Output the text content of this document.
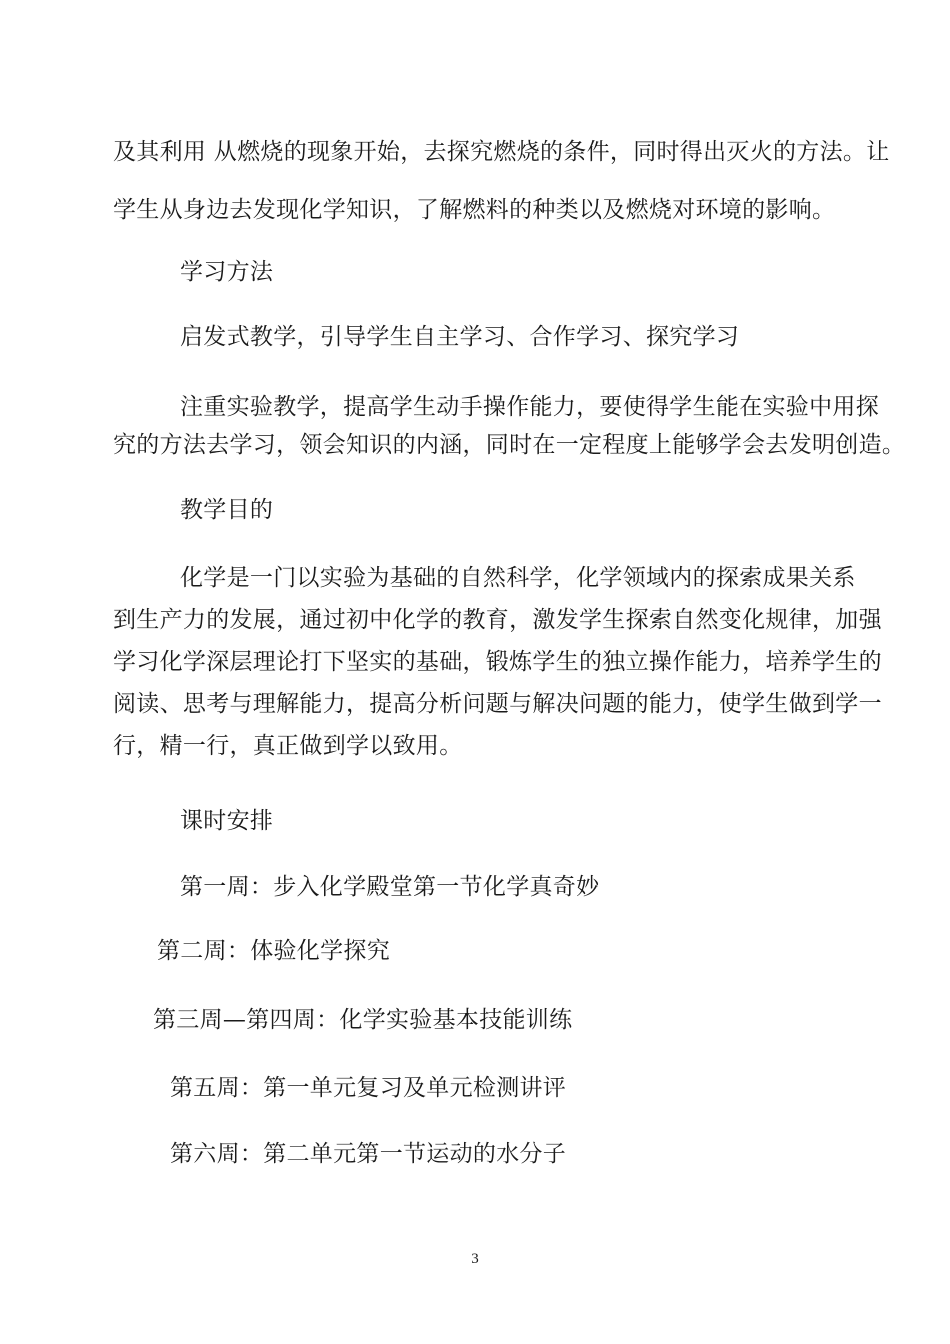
及其利用 从燃烧的现象开始，去探究燃烧的条件，同时得出灭火的方法。让
学生从身边去发现化学知识，了解燃料的种类以及燃烧对环境的影响。
学习方法
启发式教学，引导学生自主学习、合作学习、探究学习
注重实验教学，提高学生动手操作能力，要使得学生能在实验中用探
究的方法去学习，领会知识的内涵，同时在一定程度上能够学会去发明创造。
教学目的
化学是一门以实验为基础的自然科学，化学领域内的探索成果关系
到生产力的发展，通过初中化学的教育，激发学生探索自然变化规律，加强
学习化学深层理论打下坚实的基础，锻炼学生的独立操作能力，培养学生的
阅读、思考与理解能力，提高分析问题与解决问题的能力，使学生做到学一
行，精一行，真正做到学以致用。
课时安排
第一周：步入化学殿堂第一节化学真奇妙
第二周：体验化学探究
第三周—第四周：化学实验基本技能训练
第五周：第一单元复习及单元检测讲评
第六周：第二单元第一节运动的水分子
3
